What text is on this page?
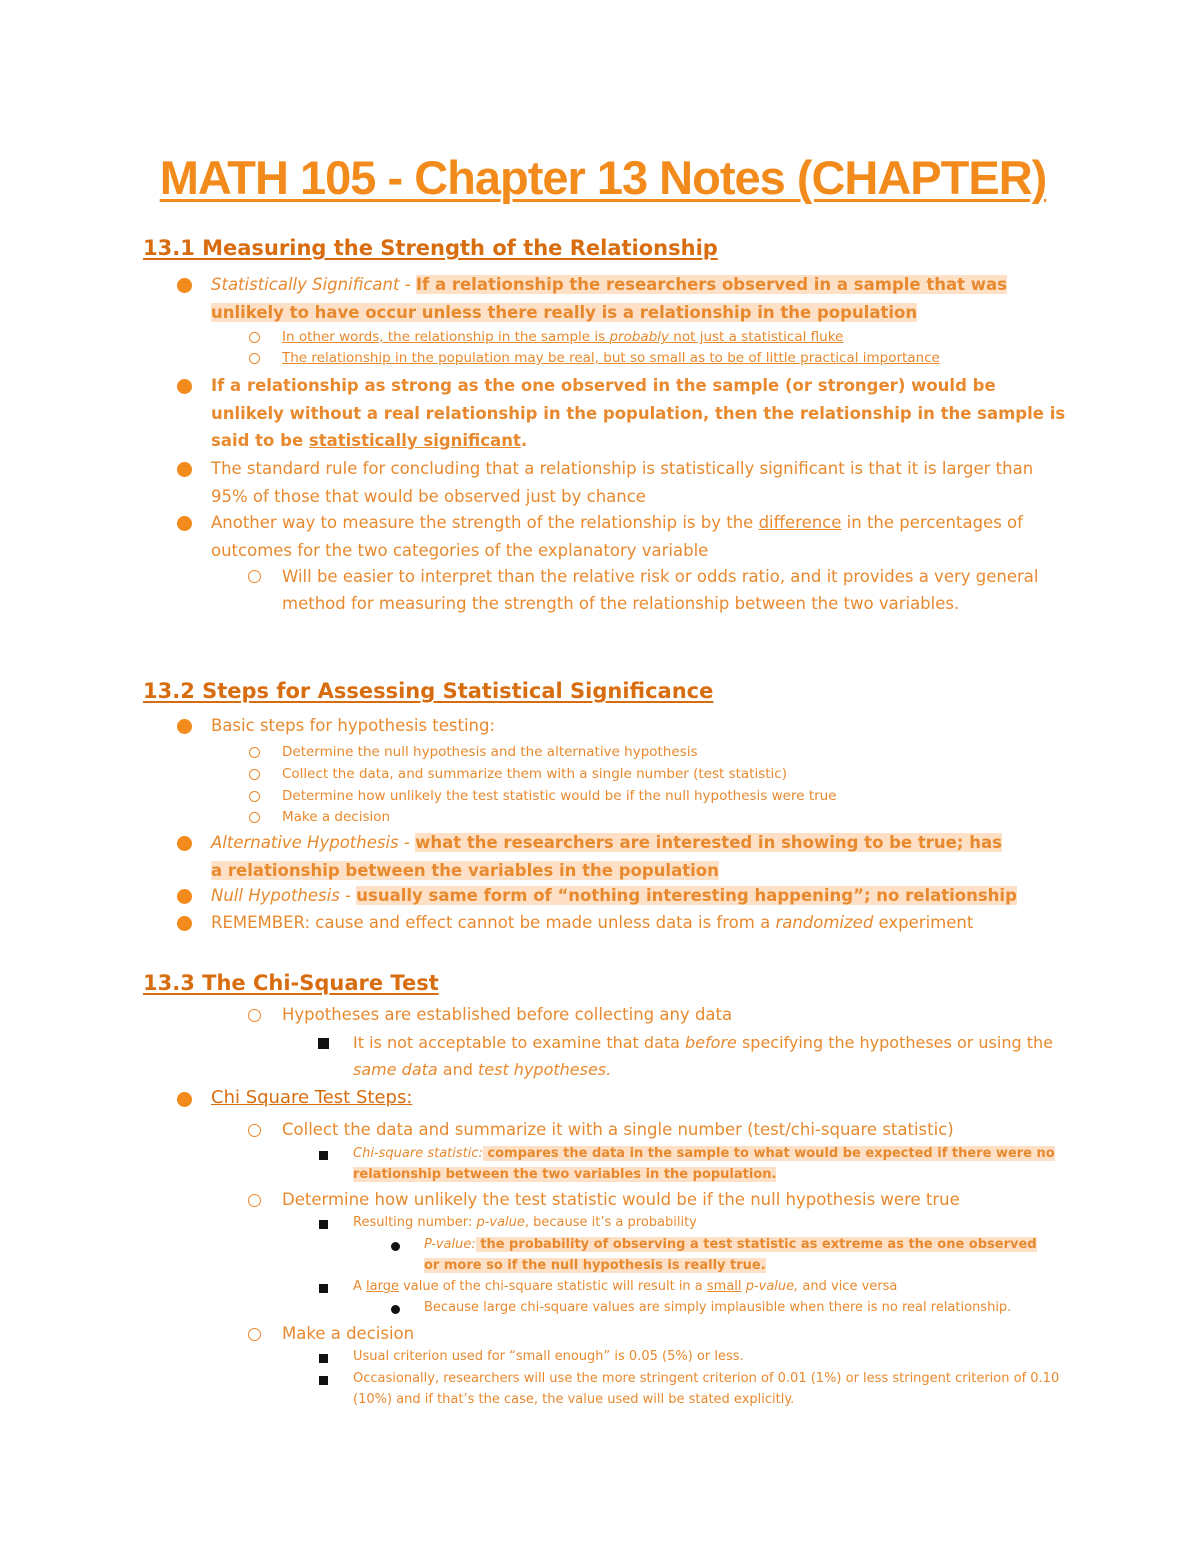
MATH 105 - Chapter 13 Notes (CHAPTER)
13.1 Measuring the Strength of the Relationship

Statistically Significant - If a relationship the researchers observed in a sample that was unlikely to have occur unless there really is a relationship in the population

In other words, the relationship in the sample is probably not just a statistical fluke

The relationship in the population may be real, but so small as to be of little practical importance

If a relationship as strong as the one observed in the sample (or stronger) would be unlikely without a real relationship in the population, then the relationship in the sample is said to be statistically significant.

The standard rule for concluding that a relationship is statistically significant is that it is larger than 95% of those that would be observed just by chance

Another way to measure the strength of the relationship is by the difference in the percentages of outcomes for the two categories of the explanatory variable

Will be easier to interpret than the relative risk or odds ratio, and it provides a very general method for measuring the strength of the relationship between the two variables.

13.2 Steps for Assessing Statistical Significance

Basic steps for hypothesis testing:

Determine the null hypothesis and the alternative hypothesis

Collect the data, and summarize them with a single number (test statistic)

Determine how unlikely the test statistic would be if the null hypothesis were true

Make a decision

Alternative Hypothesis - what the researchers are interested in showing to be true; has a relationship between the variables in the population

Null Hypothesis - usually same form of “nothing interesting happening”; no relationship

REMEMBER: cause and effect cannot be made unless data is from a randomized experiment

13.3 The Chi-Square Test

Hypotheses are established before collecting any data

It is not acceptable to examine that data before specifying the hypotheses or using the same data and test hypotheses.

Chi Square Test Steps:

Collect the data and summarize it with a single number (test/chi-square statistic)

Chi-square statistic: compares the data in the sample to what would be expected if there were no relationship between the two variables in the population.

Determine how unlikely the test statistic would be if the null hypothesis were true

Resulting number: p-value, because it’s a probability

P-value: the probability of observing a test statistic as extreme as the one observed or more so if the null hypothesis is really true.

A large value of the chi-square statistic will result in a small p-value, and vice versa

Because large chi-square values are simply implausible when there is no real relationship.

Make a decision

Usual criterion used for “small enough” is 0.05 (5%) or less.

Occasionally, researchers will use the more stringent criterion of 0.01 (1%) or less stringent criterion of 0.10 (10%) and if that’s the case, the value used will be stated explicitly.
